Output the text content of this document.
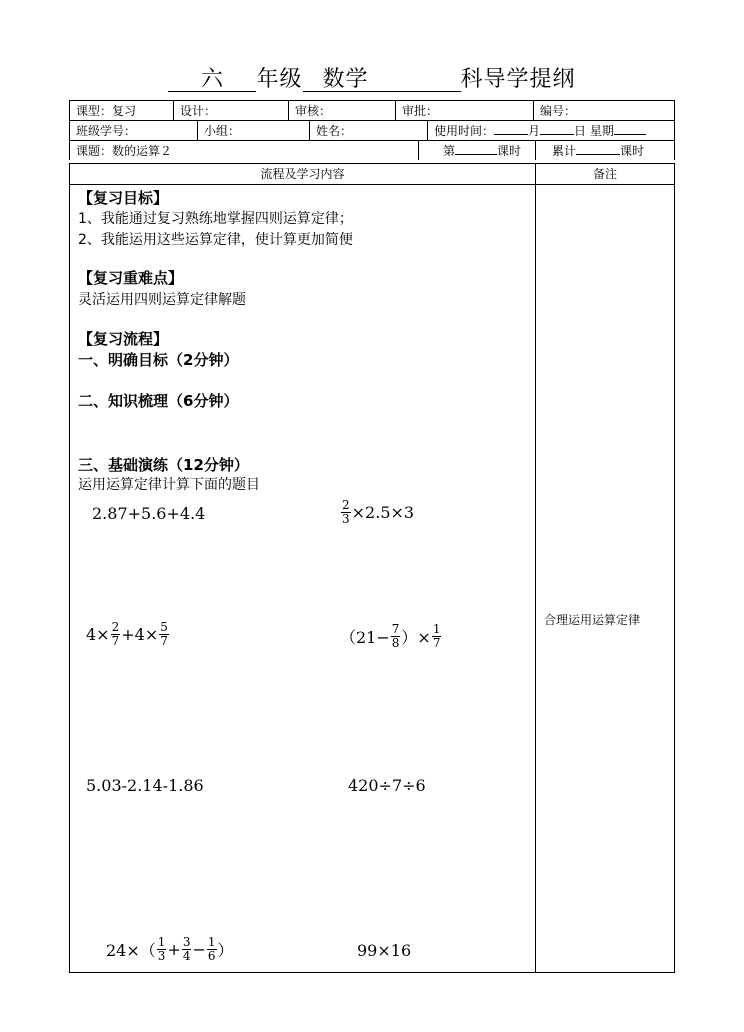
六 年级 数学	科导学提纲
课型：复习	设计：	审核：	审批：	编号：
班级学号：	小组：	姓名：	使用时间：	月	日 星期
课题：数的运算２	第	课时	累计	课时
流程及学习内容	备注
【复习目标】
1、我能通过复习熟练地掌握四则运算定律；
2、我能运用这些运算定律，使计算更加简便
【复习重难点】
灵活运用四则运算定律解题
【复习流程】
一、明确目标（2分钟）
二、知识梳理（6分钟）
三、基础演练（12分钟）
运用运算定律计算下面的题目
2.87+5.6+4.4	$\frac{2}{3} \times 2.5\times 3$
$4\times \frac{2}{7} +4\times \frac{5}{7}$	（$21- \frac{7}{8}$ ）× $\frac{1}{7}$
5.03-2.14-1.86	420÷7÷6
$24\times( \frac{1}{3} + \frac{3}{4} - \frac{1}{6}$ ）	99×16
合理运用运算定律
